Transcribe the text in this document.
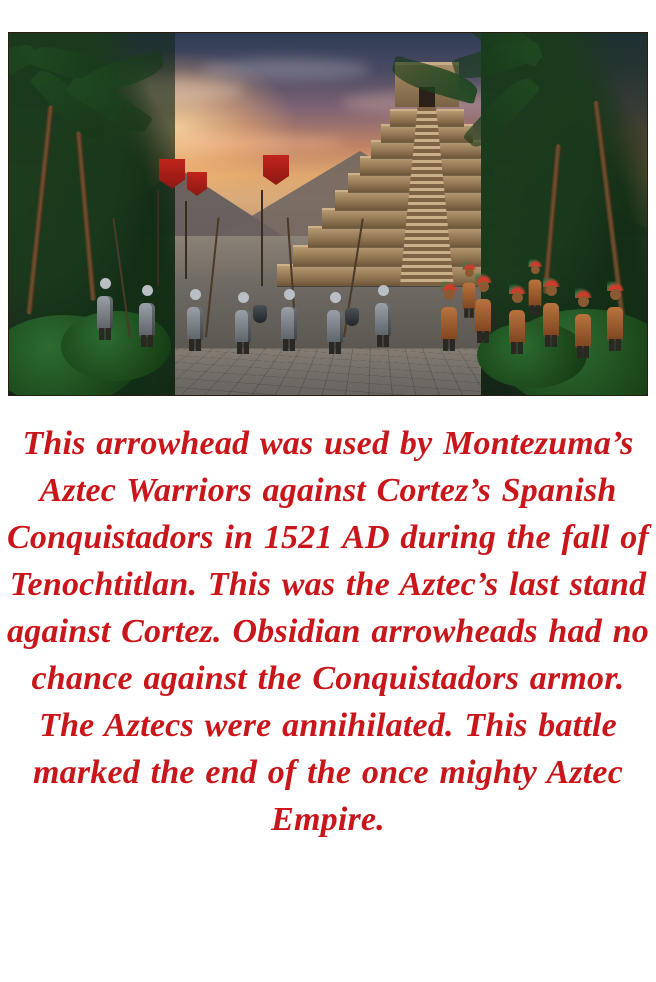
This arrowhead was used by Montezuma’s Aztec Warriors against Cortez’s Spanish Conquistadors in 1521 AD during the fall of Tenochtitlan. This was the Aztec’s last stand against Cortez. Obsidian arrowheads had no chance against the Conquistadors armor. The Aztecs were annihilated. This battle marked the end of the once mighty Aztec Empire.
